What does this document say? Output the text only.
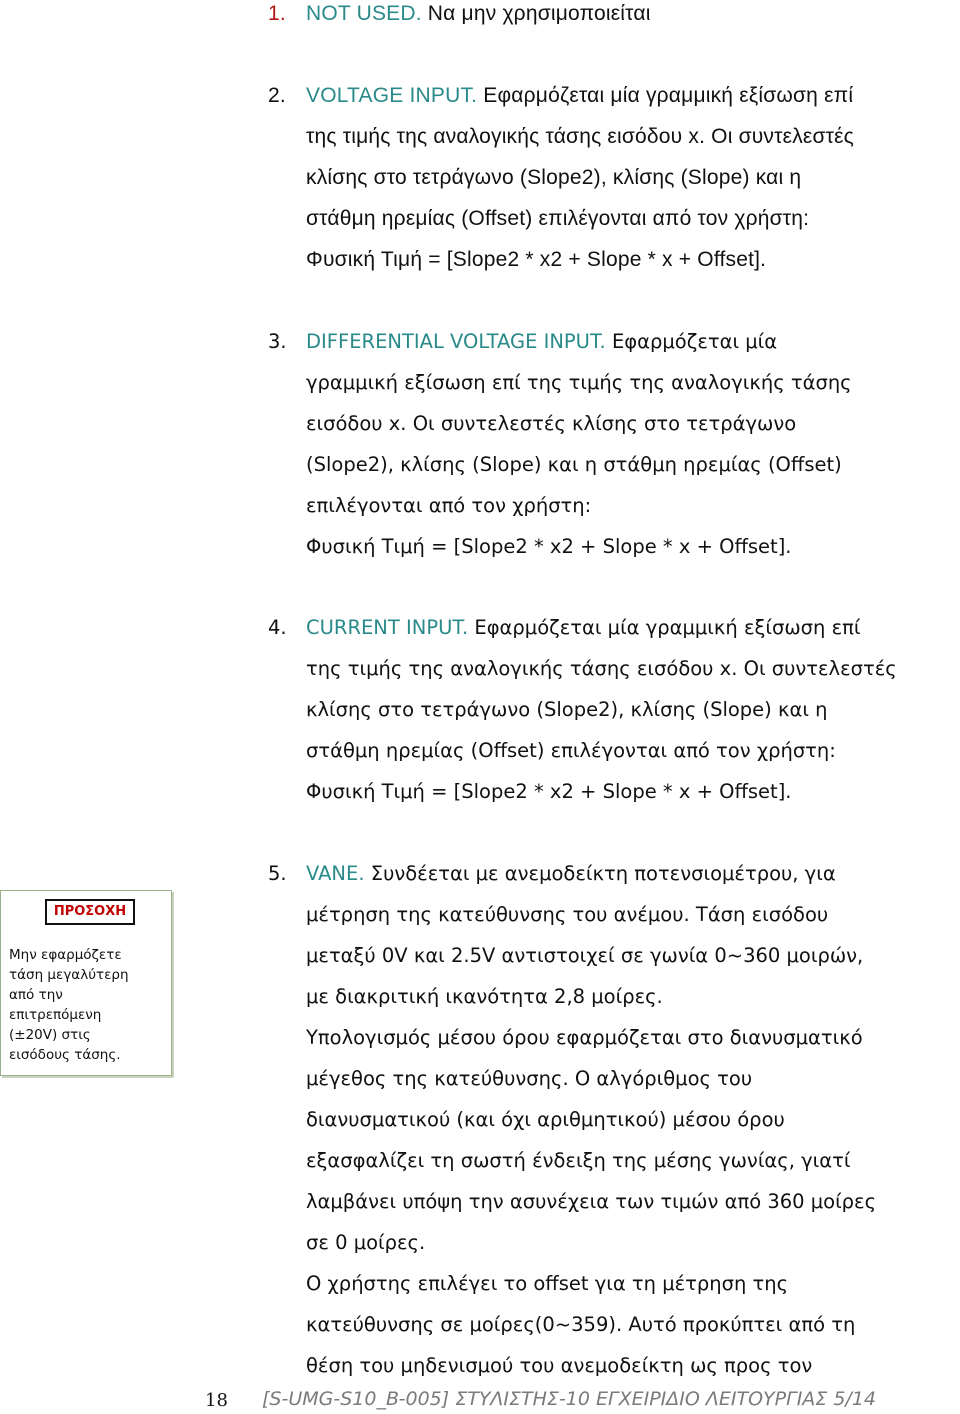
1. NOT USED. Να μην χρησιμοποιείται
2. VOLTAGE INPUT. Εφαρμόζεται μία γραμμική εξίσωση επί
της τιμής της αναλογικής τάσης εισόδου x. Οι συντελεστές
κλίσης στο τετράγωνο (Slope2), κλίσης (Slope) και η
στάθμη ηρεμίας (Offset) επιλέγονται από τον χρήστη:
Φυσική Τιμή = [Slope2 * x2 + Slope * x + Offset].
3. DIFFERENTIAL VOLTAGE INPUT. Εφαρμόζεται μία
γραμμική εξίσωση επί της τιμής της αναλογικής τάσης
εισόδου x. Οι συντελεστές κλίσης στο τετράγωνο
(Slope2), κλίσης (Slope) και η στάθμη ηρεμίας (Offset)
επιλέγονται από τον χρήστη:
Φυσική Τιμή = [Slope2 * x2 + Slope * x + Offset].
4. CURRENT INPUT. Εφαρμόζεται μία γραμμική εξίσωση επί
της τιμής της αναλογικής τάσης εισόδου x. Οι συντελεστές
κλίσης στο τετράγωνο (Slope2), κλίσης (Slope) και η
στάθμη ηρεμίας (Offset) επιλέγονται από τον χρήστη:
Φυσική Τιμή = [Slope2 * x2 + Slope * x + Offset].
5. VANE. Συνδέεται με ανεμοδείκτη ποτενσιομέτρου, για
μέτρηση της κατεύθυνσης του ανέμου. Τάση εισόδου
μεταξύ 0V και 2.5V αντιστοιχεί σε γωνία 0~360 μοιρών,
με διακριτική ικανότητα 2,8 μοίρες.
Υπολογισμός μέσου όρου εφαρμόζεται στο διανυσματικό
μέγεθος της κατεύθυνσης. Ο αλγόριθμος του
διανυσματικού (και όχι αριθμητικού) μέσου όρου
εξασφαλίζει τη σωστή ένδειξη της μέσης γωνίας, γιατί
λαμβάνει υπόψη την ασυνέχεια των τιμών από 360 μοίρες
σε 0 μοίρες.
Ο χρήστης επιλέγει το offset για τη μέτρηση της
κατεύθυνσης σε μοίρες(0~359). Αυτό προκύπτει από τη
θέση του μηδενισμού του ανεμοδείκτη ως προς τον
ΠΡΟΣΟΧΗ
Μην εφαρμόζετε
τάση μεγαλύτερη
από την
επιτρεπόμενη
(±20V) στις
εισόδους τάσης.
18 [S-UMG-S10_B-005] ΣΤΥΛΙΣΤΗΣ-10 ΕΓΧΕΙΡΙΔΙΟ ΛΕΙΤΟΥΡΓΙΑΣ 5/14
